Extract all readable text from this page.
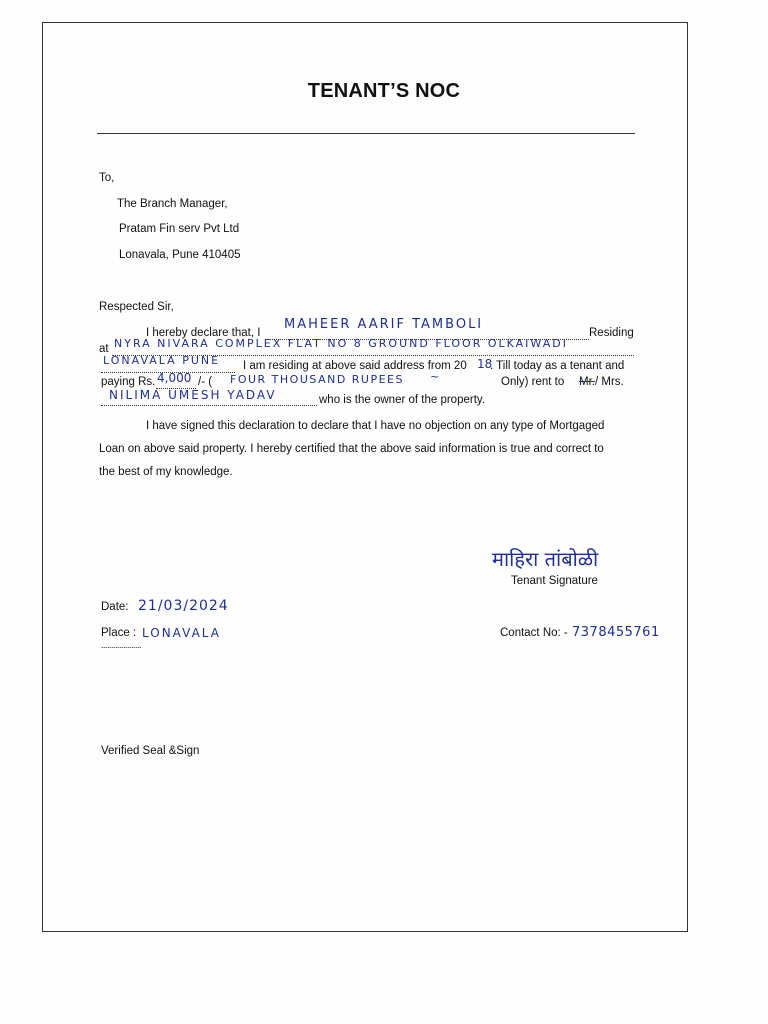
TENANT’S NOC
To,
The Branch Manager,
Pratam Fin serv Pvt Ltd
Lonavala, Pune 410405
Respected Sir,
I hereby declare that, I
MAHEER AARIF TAMBOLI
Residing
at NYRA NIVARA COMPLEX FLAT NO 8 GROUND FLOOR OLKAIWADI
LONAVALA PUNE I am residing at above said address from 20 18
. Till today as a tenant and
paying Rs. 4,000 /- ( FOUR THOUSAND RUPEES ~	Only) rent to Mr. / Mrs.
NILIMA UMESH YADAV	who is the owner of the property.
I have signed this declaration to declare that I have no objection on any type of Mortgaged
Loan on above said property. I hereby certified that the above said information is true and correct to
the best of my knowledge.
माहिरा तांबोळी
Tenant Signature
Date: 21/03/2024
Place : LONAVALA
....................
Contact No: - 7378455761
Verified Seal &Sign
